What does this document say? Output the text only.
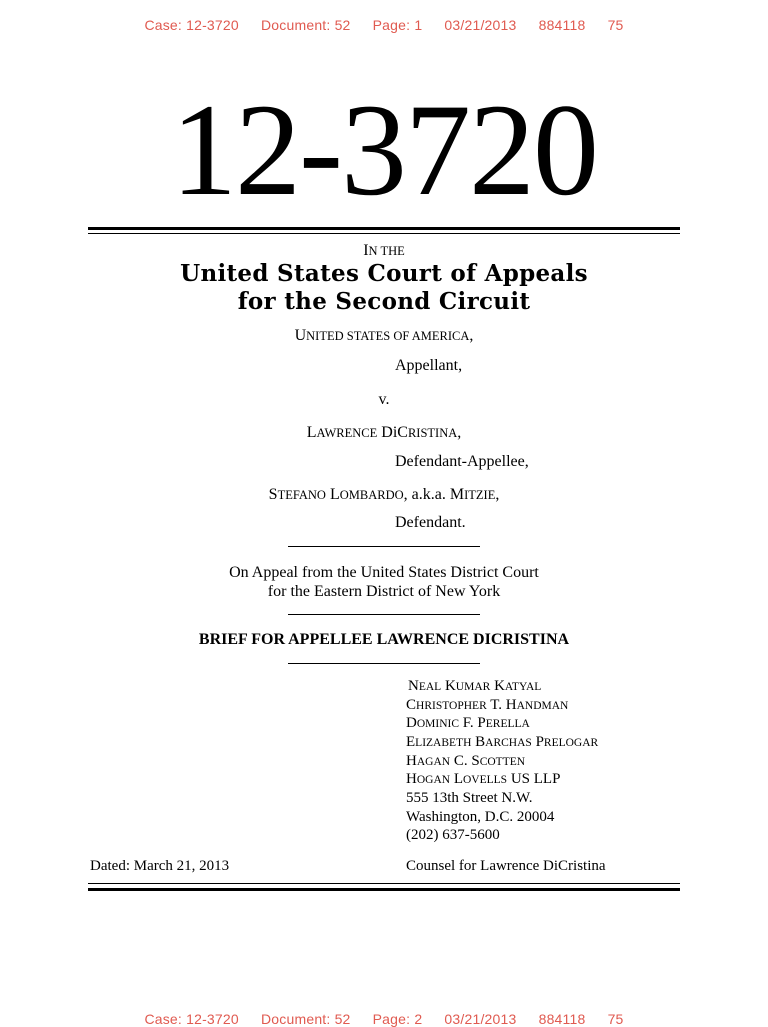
Case: 12-3720 Document: 52 Page: 1 03/21/2013 884118 75
12-3720
IN THE
United States Court of Appeals
for the Second Circuit
UNITED STATES OF AMERICA,
Appellant,
v.
LAWRENCE DiCRISTINA,
Defendant-Appellee,
STEFANO LOMBARDO, a.k.a. MITZIE,
Defendant.
On Appeal from the United States District Court
for the Eastern District of New York
BRIEF FOR APPELLEE LAWRENCE DICRISTINA
NEAL KUMAR KATYAL
CHRISTOPHER T. HANDMAN
DOMINIC F. PERELLA
ELIZABETH BARCHAS PRELOGAR
HAGAN C. SCOTTEN
HOGAN LOVELLS US LLP
555 13th Street N.W.
Washington, D.C. 20004
(202) 637-5600
Dated: March 21, 2013	Counsel for Lawrence DiCristina
Case: 12-3720 Document: 52 Page: 2 03/21/2013 884118 75
